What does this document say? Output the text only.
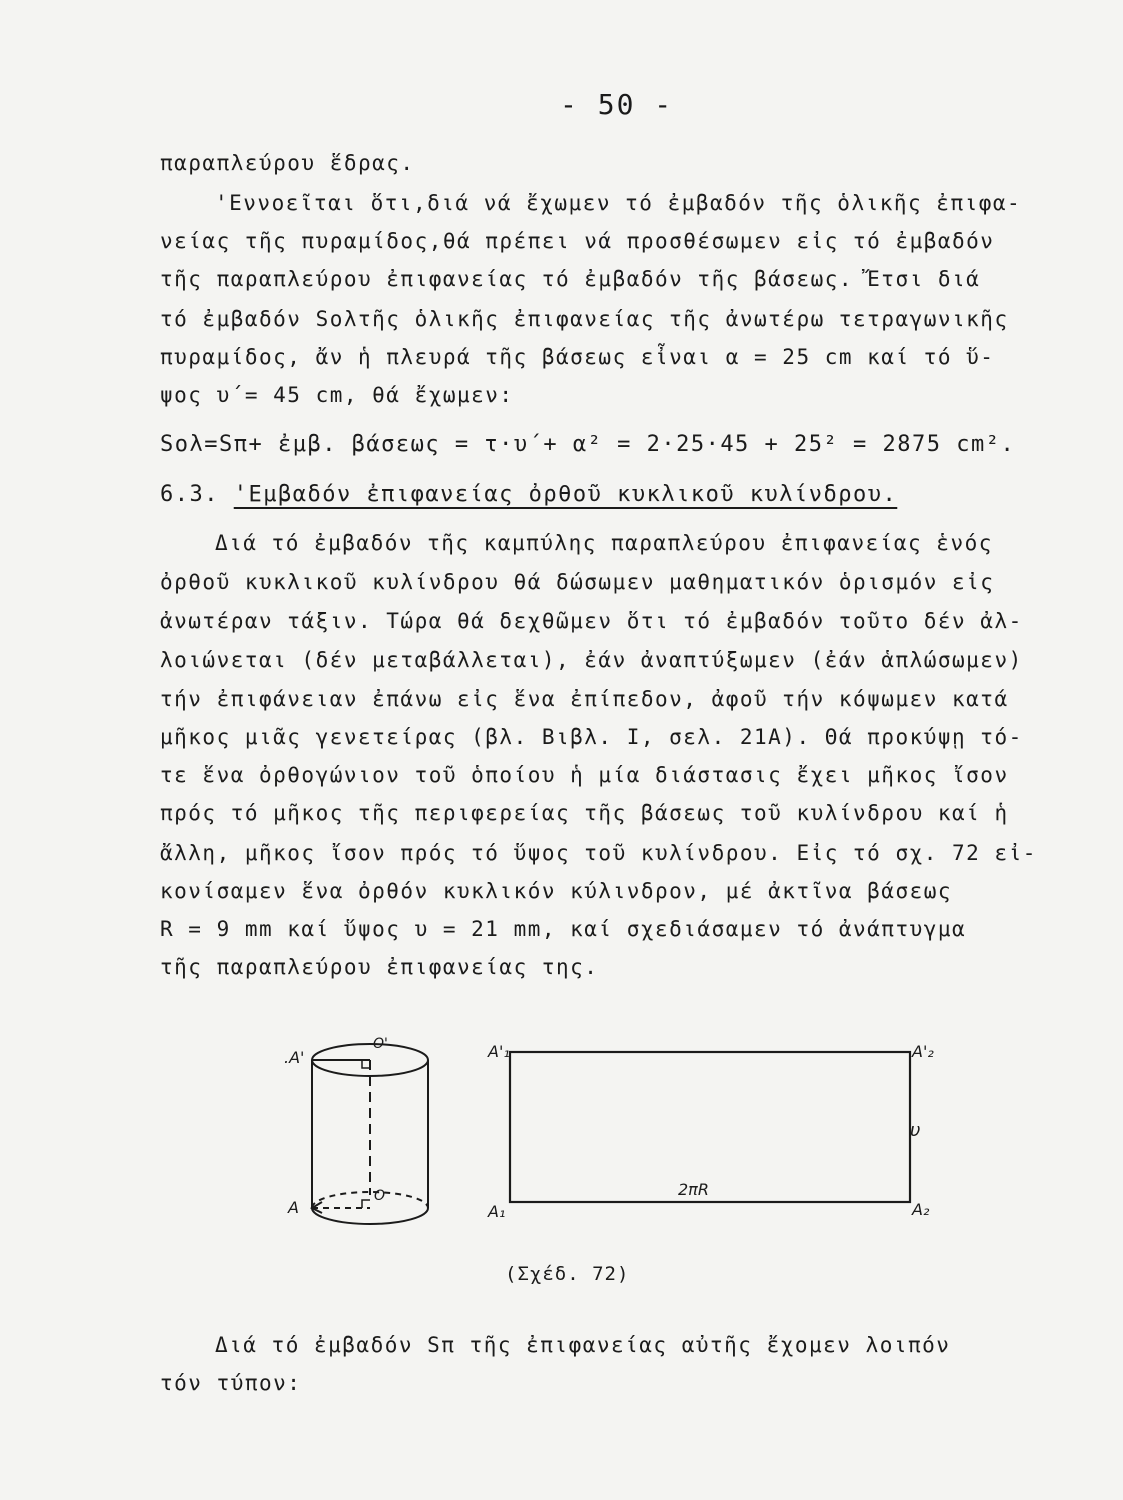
- 50 -
παραπλεύρου ἕδρας.
'Εννοεῖται ὅτι,διά νά ἔχωμεν τό ἐμβαδόν τῆς ὁλικῆς ἐπιφα-
νείας τῆς πυραμίδος,θά πρέπει νά προσθέσωμεν εἰς τό ἐμβαδόν
τῆς παραπλεύρου ἐπιφανείας τό ἐμβαδόν τῆς βάσεως. Ἔτσι διά
τό ἐμβαδόν Sολτῆς ὁλικῆς ἐπιφανείας τῆς ἀνωτέρω τετραγωνικῆς
πυραμίδος, ἄν ἡ πλευρά τῆς βάσεως εἶναι α = 25 cm καί τό ὕ-
ψος υ΄= 45 cm, θά ἔχωμεν:
Sολ=Sπ+ ἐμβ. βάσεως = τ·υ΄+ α² = 2·25·45 + 25² = 2875 cm².
6.3. 'Εμβαδόν ἐπιφανείας ὀρθοῦ κυκλικοῦ κυλίνδρου.
Διά τό ἐμβαδόν τῆς καμπύλης παραπλεύρου ἐπιφανείας ἑνός
ὀρθοῦ κυκλικοῦ κυλίνδρου θά δώσωμεν μαθηματικόν ὁρισμόν εἰς
ἀνωτέραν τάξιν. Τώρα θά δεχθῶμεν ὅτι τό ἐμβαδόν τοῦτο δέν ἀλ-
λοιώνεται (δέν μεταβάλλεται), ἐάν ἀναπτύξωμεν (ἐάν ἁπλώσωμεν)
τήν ἐπιφάνειαν ἐπάνω εἰς ἕνα ἐπίπεδον, ἀφοῦ τήν κόψωμεν κατά
μῆκος μιᾶς γενετείρας (βλ. Βιβλ. I, σελ. 21A). Θά προκύψῃ τό-
τε ἕνα ὀρθογώνιον τοῦ ὁποίου ἡ μία διάστασις ἔχει μῆκος ἴσον
πρός τό μῆκος τῆς περιφερείας τῆς βάσεως τοῦ κυλίνδρου καί ἡ
ἄλλη, μῆκος ἴσον πρός τό ὕψος τοῦ κυλίνδρου. Εἰς τό σχ. 72 εἰ-
κονίσαμεν ἕνα ὀρθόν κυκλικόν κύλινδρον, μέ ἀκτῖνα βάσεως
R = 9 mm καί ὕψος υ = 21 mm, καί σχεδιάσαμεν τό ἀνάπτυγμα
τῆς παραπλεύρου ἐπιφανείας της.
.A'
O'
A
O
A'₁	A'₂
A₁	A₂
υ
2πR
(Σχέδ. 72)
Διά τό ἐμβαδόν Sπ τῆς ἐπιφανείας αὐτῆς ἔχομεν λοιπόν
τόν τύπον:
